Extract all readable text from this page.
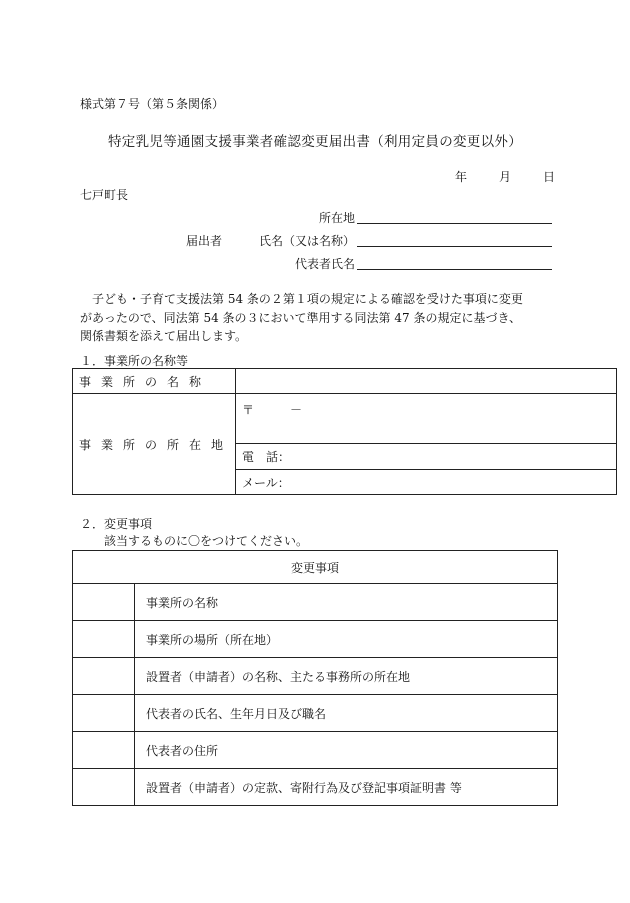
様式第７号（第５条関係）
特定乳児等通園支援事業者確認変更届出書（利用定員の変更以外）
年	月	日
七戸町長
所在地
届出者	氏名（又は名称）
代表者氏名
子ども・子育て支援法第 54 条の２第１項の規定による確認を受けた事項に変更
があったので、同法第 54 条の３において準用する同法第 47 条の規定に基づき、
関係書類を添えて届出します。
１．事業所の名称等
事業所の名称	
事業所の所在地	〒　　　－
	電　話：
	メール：
２．変更事項
該当するものに〇をつけてください。
変更事項	
	事業所の名称
	事業所の場所（所在地）
	設置者（申請者）の名称、主たる事務所の所在地
	代表者の氏名、生年月日及び職名
	代表者の住所
	設置者（申請者）の定款、寄附行為及び登記事項証明書 等
